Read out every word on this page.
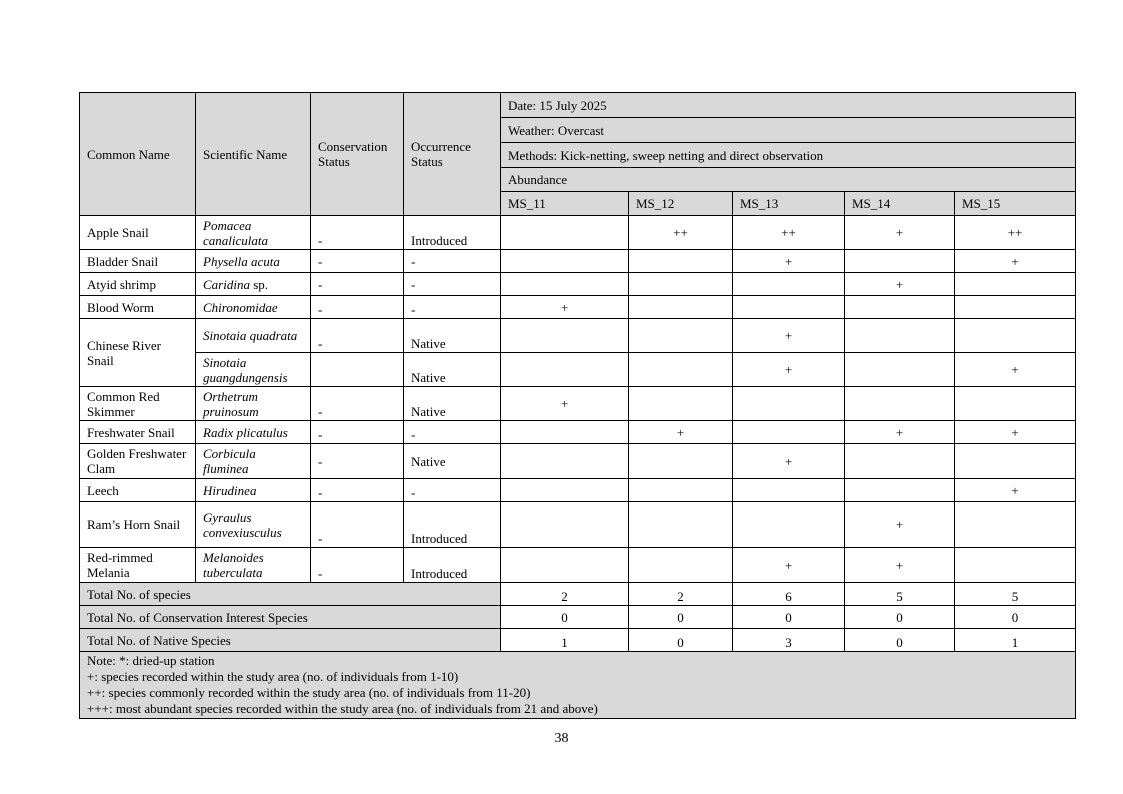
Common Name	Scientific Name	Conservation Status	Occurrence Status	Date: 15 July 2025				
				Weather: Overcast				
				Methods: Kick-netting, sweep netting and direct observation				
				Abundance				
				MS_11	MS_12	MS_13	MS_14	MS_15
Apple Snail	Pomacea canaliculata	-	Introduced		++	++	+	++
Bladder Snail	Physella acuta	-	-			+		+
Atyid shrimp	Caridina sp.	-	-				+	
Blood Worm	Chironomidae	-	-	+				
Chinese River Snail	Sinotaia quadrata	-	Native			+		
	Sinotaia guangdungensis		Native			+		+
Common Red Skimmer	Orthetrum pruinosum	-	Native	+				
Freshwater Snail	Radix plicatulus	-	-		+		+	+
Golden Freshwater Clam	Corbicula fluminea	-	Native			+		
Leech	Hirudinea	-	-					+
Ram’s Horn Snail	Gyraulus convexiusculus	-	Introduced				+	
Red-rimmed Melania	Melanoides tuberculata	-	Introduced			+	+	
Total No. of species				2	2	6	5	5
Total No. of Conservation Interest Species				0	0	0	0	0
Total No. of Native Species				1	0	3	0	1

Note: *: dried-up station
+: species recorded within the study area (no. of individuals from 1-10)
++: species commonly recorded within the study area (no. of individuals from 11-20)
+++: most abundant species recorded within the study area (no. of individuals from 21 and above)								
38
